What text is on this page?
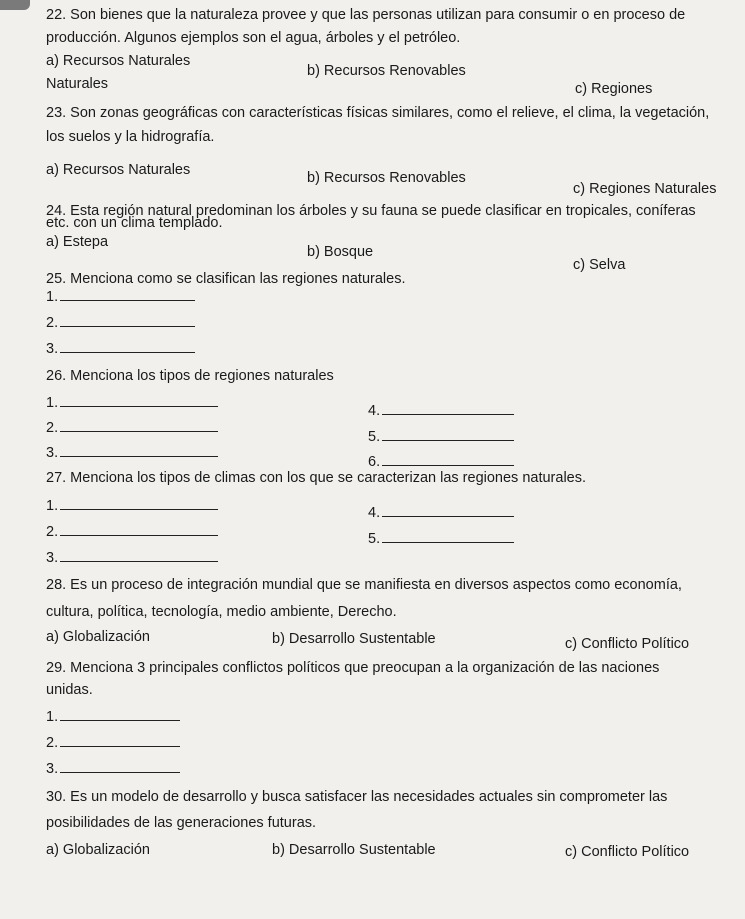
22. Son bienes que la naturaleza provee y que las personas utilizan para consumir o en proceso de
producción. Algunos ejemplos son el agua, árboles y el petróleo.
a) Recursos Naturales
Naturales
b) Recursos Renovables
c) Regiones
23. Son zonas geográficas con características físicas similares, como el relieve, el clima, la vegetación,
los suelos y la hidrografía.
a) Recursos Naturales	b) Recursos Renovables
c) Regiones Naturales
24. Esta región natural predominan los árboles y su fauna se puede clasificar en tropicales, coníferas
etc. con un clima templado.
a) Estepa
b) Bosque
c) Selva
25. Menciona como se clasifican las regiones naturales.
1.
2.
3.
26. Menciona los tipos de regiones naturales
1.
2.
3.
4.
5.
6.
27. Menciona los tipos de climas con los que se caracterizan las regiones naturales.
1.
2.
3.
4.
5.
28. Es un proceso de integración mundial que se manifiesta en diversos aspectos como economía,
cultura, política, tecnología, medio ambiente, Derecho.
a) Globalización	b) Desarrollo Sustentable	c) Conflicto Político
29. Menciona 3 principales conflictos políticos que preocupan a la organización de las naciones
unidas.
1.
2.
3.
30. Es un modelo de desarrollo y busca satisfacer las necesidades actuales sin comprometer las
posibilidades de las generaciones futuras.
a) Globalización	b) Desarrollo Sustentable	c) Conflicto Político
